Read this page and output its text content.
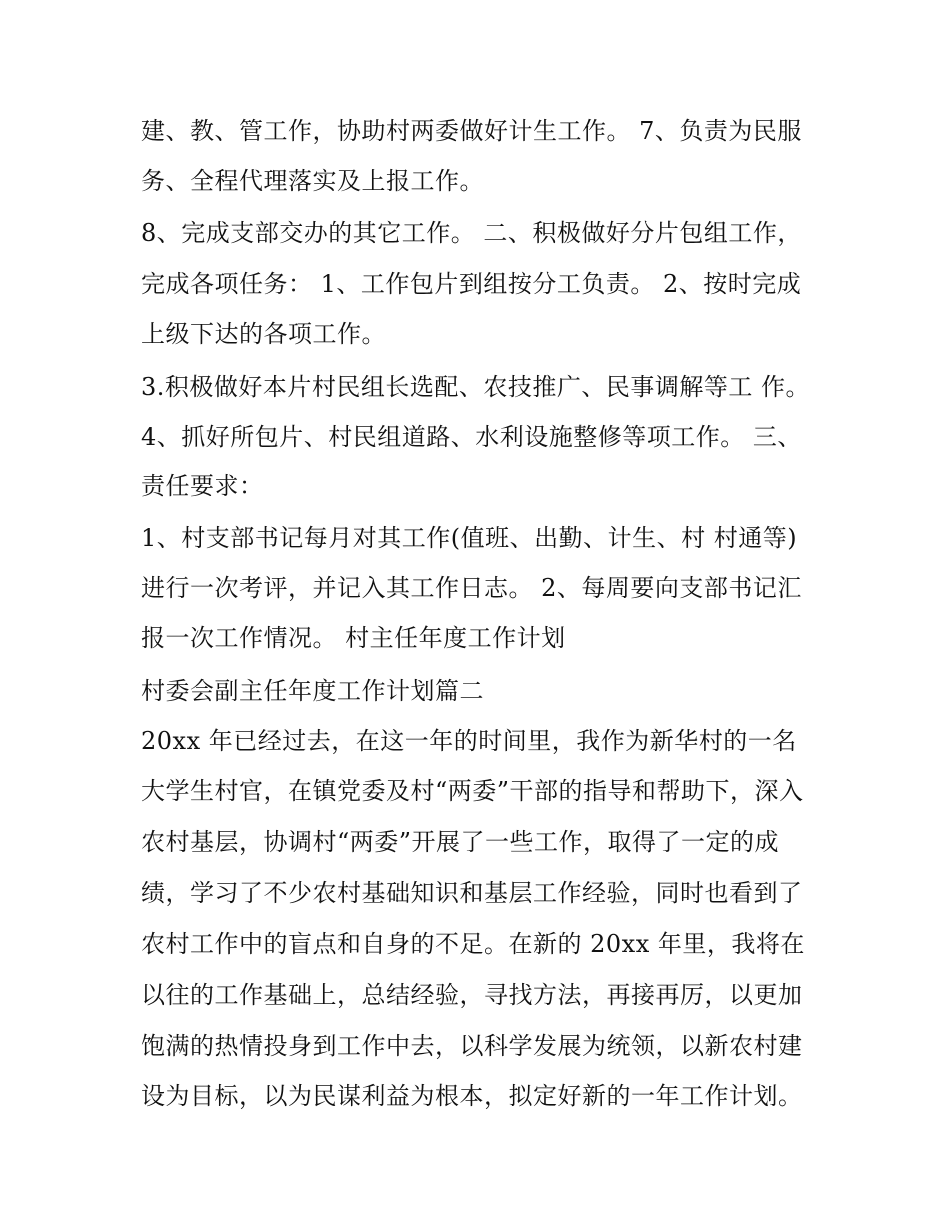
建、教、管工作，协助村两委做好计生工作。 7、负责为民服
务、全程代理落实及上报工作。
8、完成支部交办的其它工作。 二、积极做好分片包组工作，
完成各项任务： 1、工作包片到组按分工负责。 2、按时完成
上级下达的各项工作。
3.积极做好本片村民组长选配、农技推广、民事调解等工 作。
4、抓好所包片、村民组道路、水利设施整修等项工作。 三、
责任要求：
1、村支部书记每月对其工作(值班、出勤、计生、村 村通等)
进行一次考评，并记入其工作日志。 2、每周要向支部书记汇
报一次工作情况。 村主任年度工作计划
村委会副主任年度工作计划篇二
20xx 年已经过去，在这一年的时间里，我作为新华村的一名
大学生村官，在镇党委及村“两委”干部的指导和帮助下，深入
农村基层，协调村“两委”开展了一些工作，取得了一定的成
绩，学习了不少农村基础知识和基层工作经验，同时也看到了
农村工作中的盲点和自身的不足。在新的 20xx 年里，我将在
以往的工作基础上，总结经验，寻找方法，再接再厉，以更加
饱满的热情投身到工作中去，以科学发展为统领，以新农村建
设为目标，以为民谋利益为根本，拟定好新的一年工作计划。
